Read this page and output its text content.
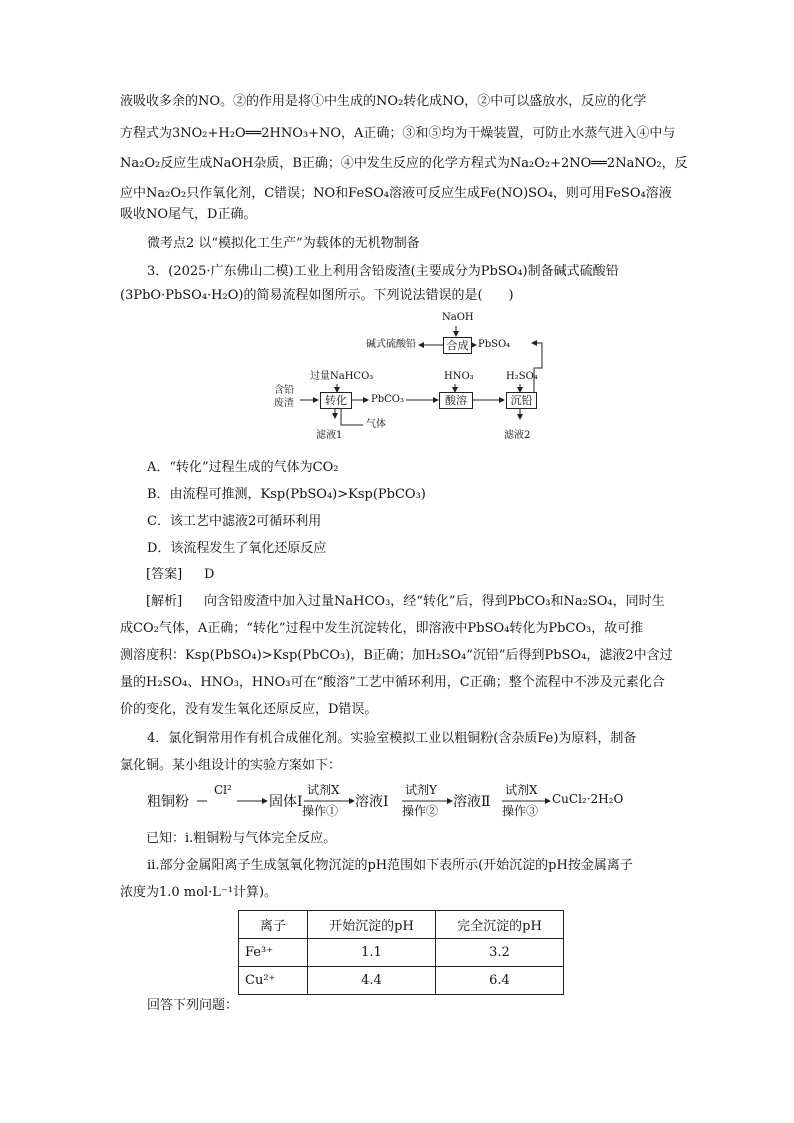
液吸收多余的NO。②的作用是将①中生成的NO₂转化成NO，②中可以盛放水，反应的化学
方程式为3NO₂+H₂O══2HNO₃+NO，A正确；③和⑤均为干燥装置，可防止水蒸气进入④中与
Na₂O₂反应生成NaOH杂质，B正确；④中发生反应的化学方程式为Na₂O₂+2NO══2NaNO₂，反
应中Na₂O₂只作氧化剂，C错误；NO和FeSO₄溶液可反应生成Fe(NO)SO₄，则可用FeSO₄溶液
吸收NO尾气，D正确。
微考点2 以“模拟化工生产”为载体的无机物制备
3．(2025·广东佛山二模)工业上利用含铅废渣(主要成分为PbSO₄)制备碱式硫酸铅
(3PbO·PbSO₄·H₂O)的简易流程如图所示。下列说法错误的是(　　)
NaOH
合成
碱式硫酸铅	PbSO₄
过量NaHCO₃
含铅
废渣	转化	PbCO₃
HNO₃
酸溶
H₂SO₄
沉铅
气体
滤液1	滤液2
A．“转化”过程生成的气体为CO₂
B．由流程可推测，Ksp(PbSO₄)>Ksp(PbCO₃)
C．该工艺中滤液2可循环利用
D．该流程发生了氧化还原反应
[答案] D
[解析] 向含铅废渣中加入过量NaHCO₃，经“转化”后，得到PbCO₃和Na₂SO₄，同时生
成CO₂气体，A正确；“转化”过程中发生沉淀转化，即溶液中PbSO₄转化为PbCO₃，故可推
测溶度积：Ksp(PbSO₄)>Ksp(PbCO₃)，B正确；加H₂SO₄“沉铅”后得到PbSO₄，滤液2中含过
量的H₂SO₄、HNO₃，HNO₃可在“酸溶”工艺中循环利用，C正确；整个流程中不涉及元素化合
价的变化，没有发生氧化还原反应，D错误。
4．氯化铜常用作有机合成催化剂。实验室模拟工业以粗铜粉(含杂质Fe)为原料，制备
氯化铜。某小组设计的实验方案如下：
粗铜粉
Cl²
固体Ⅰ
试剂X
操作①
溶液Ⅰ
试剂Y
操作②
溶液Ⅱ
试剂X
操作③
CuCl₂·2H₂O
已知：ⅰ.粗铜粉与气体完全反应。
ⅱ.部分金属阳离子生成氢氧化物沉淀的pH范围如下表所示(开始沉淀的pH按金属离子
浓度为1.0 mol·L⁻¹计算)。
离子	开始沉淀的pH	完全沉淀的pH
Fe³⁺	1.1	3.2
Cu²⁺	4.4	6.4
回答下列问题：
